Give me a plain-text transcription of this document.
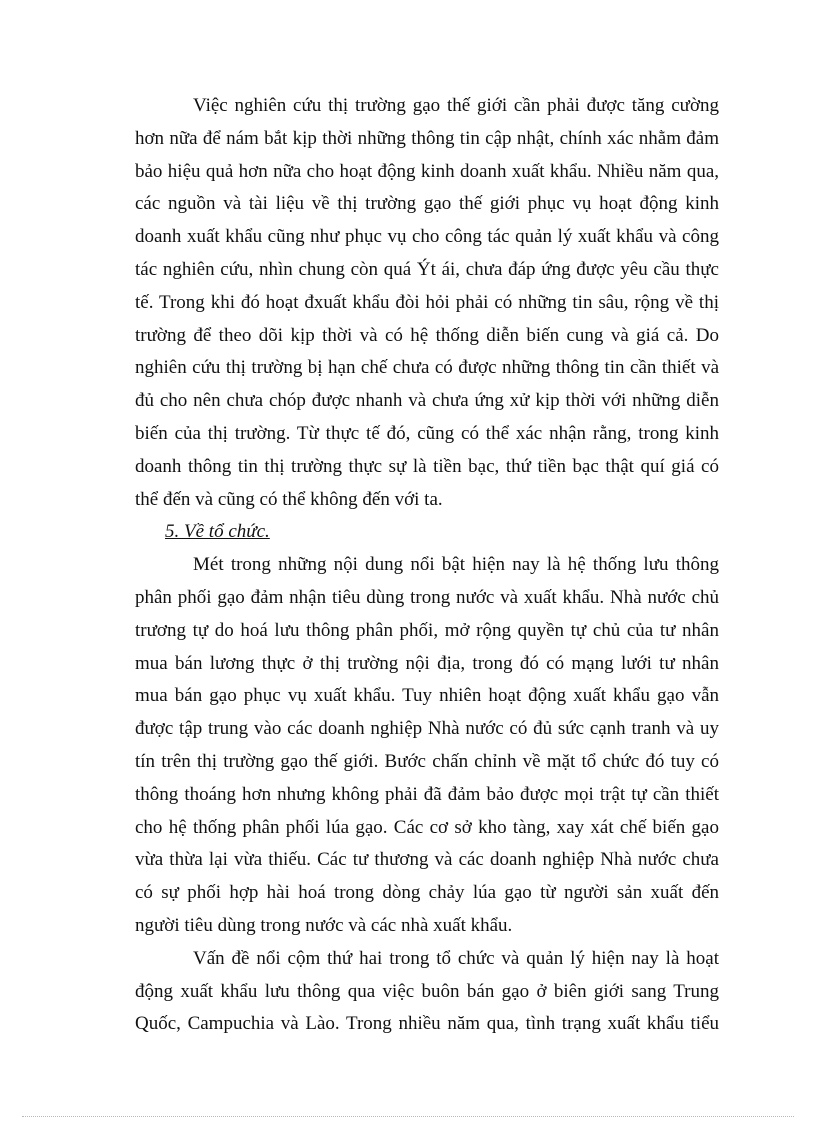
Việc nghiên cứu thị trường gạo thế giới cần phải được tăng cường
hơn nữa để nám bắt kịp thời những thông tin cập nhật, chính xác nhằm đảm
bảo hiệu quả hơn nữa cho hoạt động kinh doanh xuất khẩu. Nhiều năm qua,
các nguồn và tài liệu về thị trường gạo thế giới phục vụ hoạt động kinh
doanh xuất khẩu cũng như phục vụ cho công tác quản lý xuất khẩu và công
tác nghiên cứu, nhìn chung còn quá Ýt ái, chưa đáp ứng được yêu cầu thực
tế. Trong khi đó hoạt đxuất khẩu đòi hỏi phải có những tin sâu, rộng về thị
trường để theo dõi kịp thời và có hệ thống diễn biến cung và giá cả. Do
nghiên cứu thị trường bị hạn chế chưa có được những thông tin cần thiết và
đủ cho nên chưa chóp được nhanh và chưa ứng xử kịp thời với những diễn
biến của thị trường. Từ thực tế đó, cũng có thể xác nhận rằng, trong kinh
doanh thông tin thị trường thực sự là tiền bạc, thứ tiền bạc thật quí giá có
thể đến và cũng có thể không đến với ta.

5. Về tổ chức.

Mét trong những nội dung nổi bật hiện nay là hệ thống lưu thông
phân phối gạo đảm nhận tiêu dùng trong nước và xuất khẩu. Nhà nước chủ
trương tự do hoá lưu thông phân phối, mở rộng quyền tự chủ của tư nhân
mua bán lương thực ở thị trường nội địa, trong đó có mạng lưới tư nhân
mua bán gạo phục vụ xuất khẩu. Tuy nhiên hoạt động xuất khẩu gạo vẫn
được tập trung vào các doanh nghiệp Nhà nước có đủ sức cạnh tranh và uy
tín trên thị trường gạo thế giới. Bước chấn chỉnh về mặt tổ chức đó tuy có
thông thoáng hơn nhưng không phải đã đảm bảo được mọi trật tự cần thiết
cho hệ thống phân phối lúa gạo. Các cơ sở kho tàng, xay xát chế biến gạo
vừa thừa lại vừa thiếu. Các tư thương và các doanh nghiệp Nhà nước chưa
có sự phối hợp hài hoá trong dòng chảy lúa gạo từ người sản xuất đến
người tiêu dùng trong nước và các nhà xuất khẩu.

Vấn đề nổi cộm thứ hai trong tổ chức và quản lý hiện nay là hoạt
động xuất khẩu lưu thông qua việc buôn bán gạo ở biên giới sang Trung
Quốc, Campuchia và Lào. Trong nhiều năm qua, tình trạng xuất khẩu tiểu
